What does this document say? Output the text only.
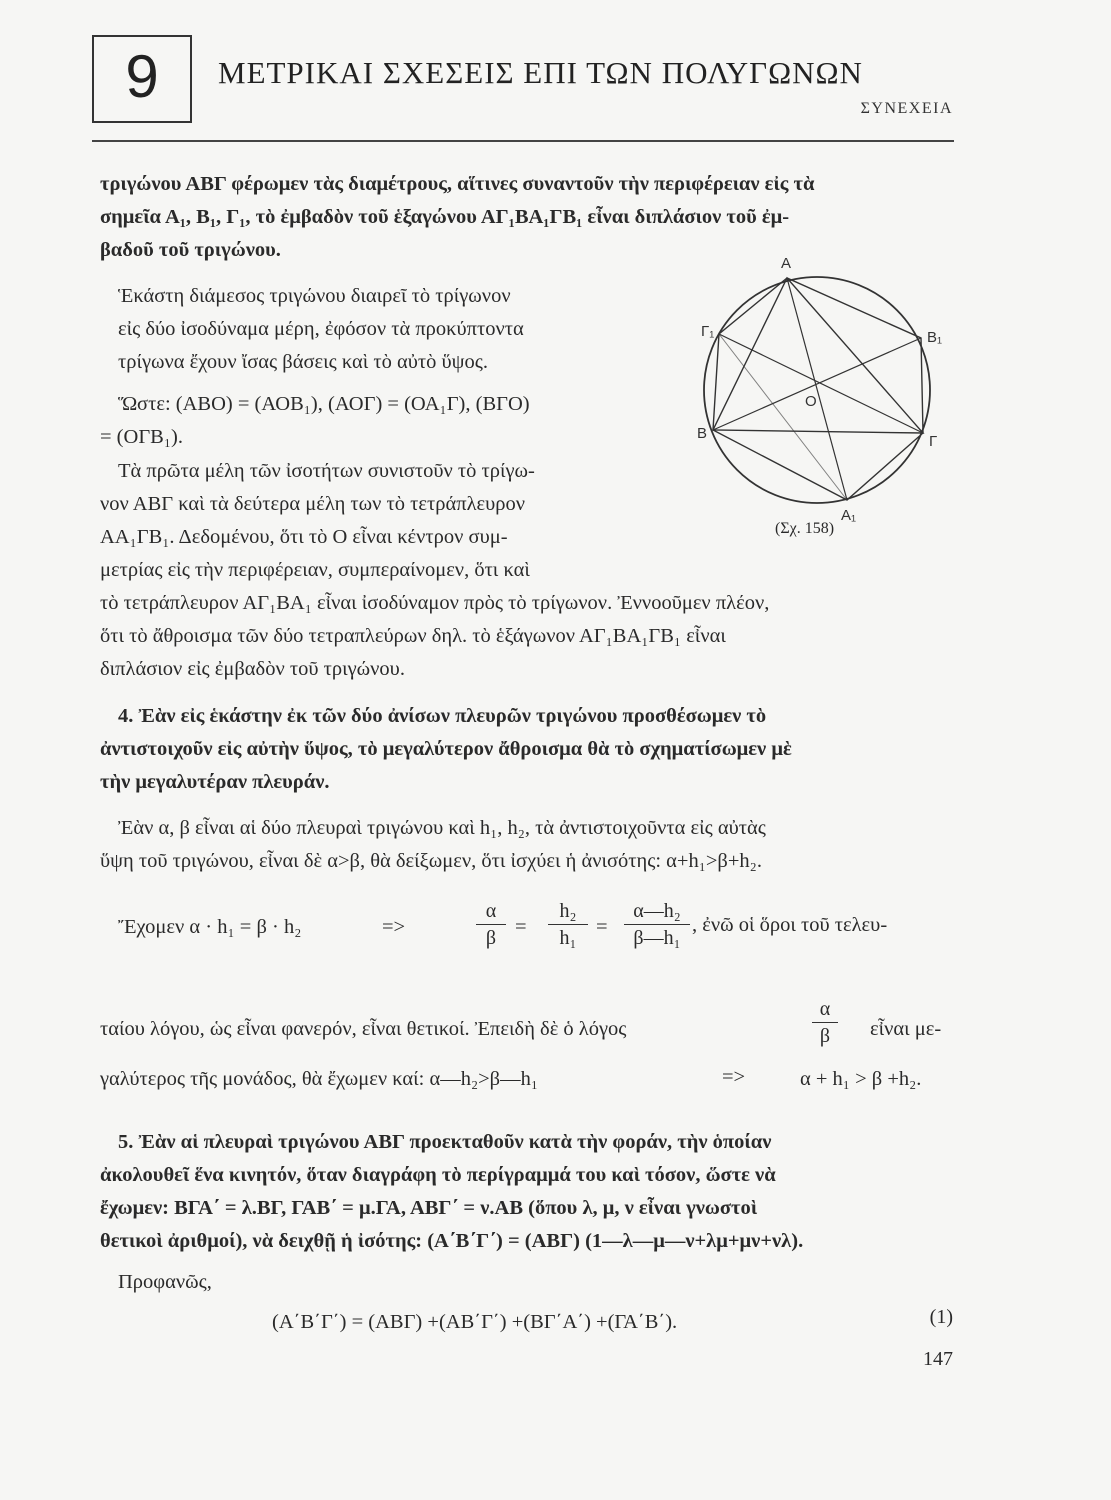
9	ΜΕΤΡΙΚΑΙ ΣΧΕΣΕΙΣ ΕΠΙ ΤΩΝ ΠΟΛΥΓΩΝΩΝ
ΣΥΝΕΧΕΙΑ
τριγώνου ΑΒΓ φέρωμεν τὰς διαμέτρους, αἵτινες συναντοῦν τὴν περιφέρειαν εἰς τὰ
σημεῖα Α₁, Β₁, Γ₁, τὸ ἐμβαδὸν τοῦ ἑξαγώνου ΑΓ₁ΒΑ₁ΓΒ₁ εἶναι διπλάσιον τοῦ ἐμ-
βαδοῦ τοῦ τριγώνου.
Ἑκάστη διάμεσος τριγώνου διαιρεῖ τὸ τρίγωνον
εἰς δύο ἰσοδύναμα μέρη, ἐφόσον τὰ προκύπτοντα
τρίγωνα ἔχουν ἴσας βάσεις καὶ τὸ αὐτὸ ὕψος.
Ὥστε: (ΑΒΟ) = (ΑΟΒ₁), (ΑΟΓ) = (ΟΑ₁Γ), (ΒΓΟ)
= (ΟΓΒ₁).
Τὰ πρῶτα μέλη τῶν ἰσοτήτων συνιστοῦν τὸ τρίγω-
νον ΑΒΓ καὶ τὰ δεύτερα μέλη των τὸ τετράπλευρον
ΑΑ₁ΓΒ₁. Δεδομένου, ὅτι τὸ Ο εἶναι κέντρον συμ-
μετρίας εἰς τὴν περιφέρειαν, συμπεραίνομεν, ὅτι καὶ
τὸ τετράπλευρον ΑΓ₁ΒΑ₁ εἶναι ἰσοδύναμον πρὸς τὸ τρίγωνον. Ἐννοοῦμεν πλέον,
ὅτι τὸ ἄθροισμα τῶν δύο τετραπλεύρων δηλ. τὸ ἑξάγωνον ΑΓ₁ΒΑ₁ΓΒ₁ εἶναι
διπλάσιον εἰς ἐμβαδὸν τοῦ τριγώνου.
A
B₁
Γ₁
O
B	Γ
A₁
(Σχ. 158)
4. Ἐὰν εἰς ἑκάστην ἐκ τῶν δύο ἀνίσων πλευρῶν τριγώνου προσθέσωμεν τὸ
ἀντιστοιχοῦν εἰς αὐτὴν ὕψος, τὸ μεγαλύτερον ἄθροισμα θὰ τὸ σχηματίσωμεν μὲ
τὴν μεγαλυτέραν πλευράν.
Ἐὰν α, β εἶναι αἱ δύο πλευραὶ τριγώνου καὶ h₁, h₂, τὰ ἀντιστοιχοῦντα εἰς αὐτὰς
ὕψη τοῦ τριγώνου, εἶναι δὲ α>β, θὰ δείξωμεν, ὅτι ἰσχύει ἡ ἀνισότης: α+h₁>β+h₂.
Ἔχομεν α · h₁ = β · h₂	=>	$\frac{\alpha}{\beta} = \frac{\text{h₂}}{\text{h₁}} = \frac{\text{α—h₂}}{\text{β—h₁}}$ , ἐνῶ οἱ ὅροι τοῦ τελευ-
ταίου λόγου, ὡς εἶναι φανερόν, εἶναι θετικοί. Ἐπειδὴ δὲ ὁ λόγος	$\frac{\alpha}{\beta}$ εἶναι με-
γαλύτερος τῆς μονάδος, θὰ ἔχωμεν καί: α—h₂>β—h₁	=>	α + h₁ > β +h₂.
5. Ἐὰν αἱ πλευραὶ τριγώνου ΑΒΓ προεκταθοῦν κατὰ τὴν φοράν, τὴν ὁποίαν
ἀκολουθεῖ ἕνα κινητόν, ὅταν διαγράφη τὸ περίγραμμά του καὶ τόσον, ὥστε νὰ
ἔχωμεν: ΒΓΑ΄ = λ.ΒΓ, ΓΑΒ΄ = μ.ΓΑ, ΑΒΓ΄ = ν.ΑΒ (ὅπου λ, μ, ν εἶναι γνωστοὶ
θετικοὶ ἀριθμοί), νὰ δειχθῇ ἡ ἰσότης: (Α΄Β΄Γ΄) = (ΑΒΓ) (1—λ—μ—ν+λμ+μν+νλ).
Προφανῶς,
(Α΄Β΄Γ΄) = (ΑΒΓ) +(ΑΒ΄Γ΄) +(ΒΓ΄Α΄) +(ΓΑ΄Β΄).	(1)
147
